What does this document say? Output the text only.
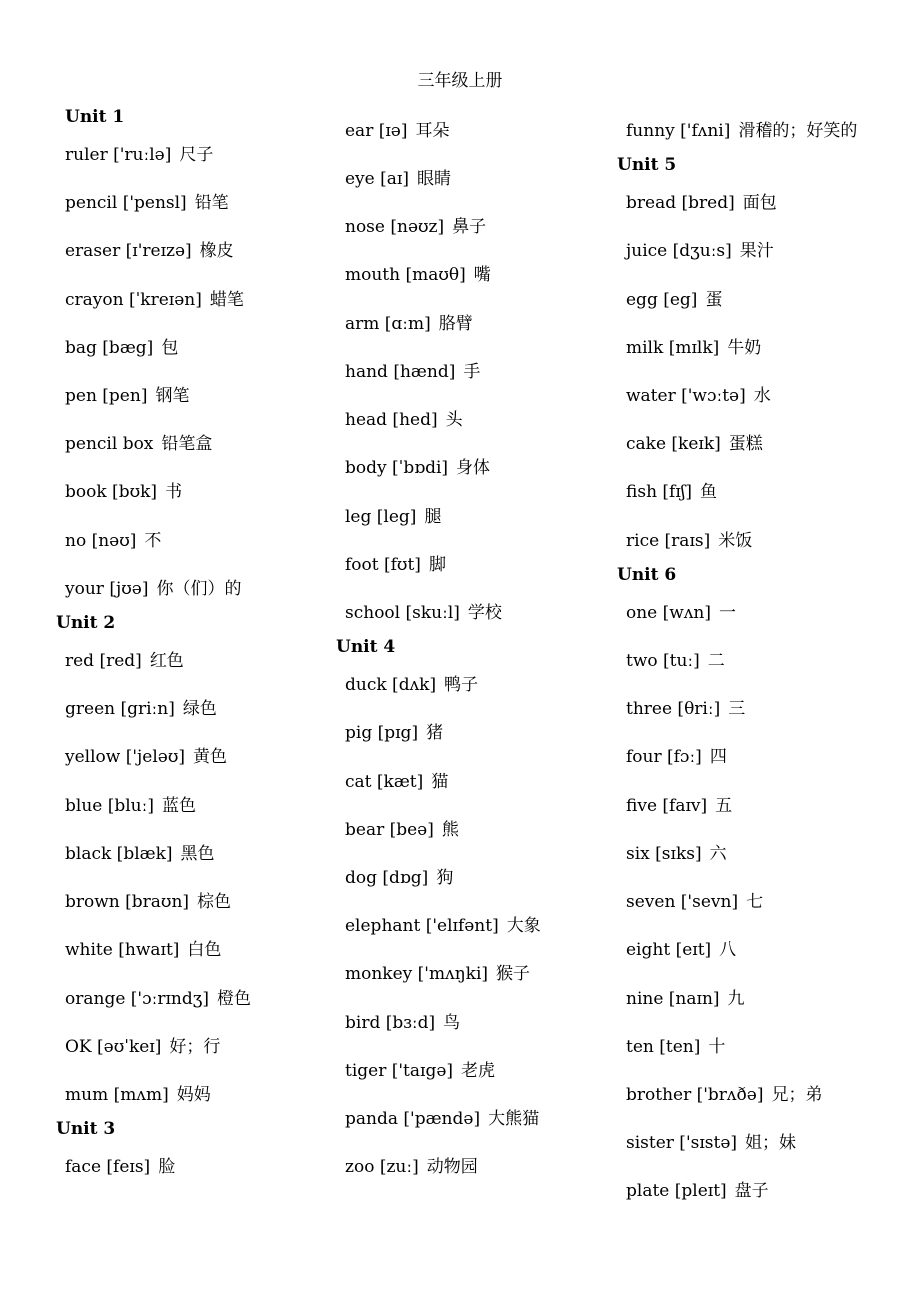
三年级上册
Unit 1
ruler ['ruːlə] 尺子
pencil ['pensl] 铅笔
eraser [ɪ'reɪzə] 橡皮
crayon [ˈkreɪən] 蜡笔
bag [bæg] 包
pen [pen] 钢笔
pencil box 铅笔盒
book [bʊk] 书
no [nəʊ] 不
your [jʊə] 你（们）的
Unit 2
red [red] 红色
green [griːn] 绿色
yellow ['jeləʊ] 黄色
blue [bluː] 蓝色
black [blæk] 黑色
brown [braʊn] 棕色
white [hwaɪt] 白色
orange ['ɔːrɪndʒ] 橙色
OK [əʊˈkeɪ] 好；行
mum [mʌm] 妈妈
Unit 3
face [feɪs] 脸
ear [ɪə] 耳朵
eye [aɪ] 眼睛
nose [nəʊz] 鼻子
mouth [maʊθ] 嘴
arm [ɑːm] 胳臂
hand [hænd] 手
head [hed] 头
body [ˈbɒdi] 身体
leg [leg] 腿
foot [fʊt] 脚
school [skuːl] 学校
Unit 4
duck [dʌk] 鸭子
pig [pɪg] 猪
cat [kæt] 猫
bear [beə] 熊
dog [dɒg] 狗
elephant ['elɪfənt] 大象
monkey ['mʌŋki] 猴子
bird [bɜːd] 鸟
tiger ['taɪgə] 老虎
panda ['pændə] 大熊猫
zoo [zuː] 动物园
funny ['fʌni] 滑稽的；好笑的
Unit 5
bread [bred] 面包
juice [dʒuːs] 果汁
egg [eg] 蛋
milk [mɪlk] 牛奶
water ['wɔːtə] 水
cake [keɪk] 蛋糕
fish [fɪʃ] 鱼
rice [raɪs] 米饭
Unit 6
one [wʌn] 一
two [tuː] 二
three [θriː] 三
four [fɔː] 四
five [faɪv] 五
six [sɪks] 六
seven ['sevn] 七
eight [eɪt] 八
nine [naɪn] 九
ten [ten] 十
brother ['brʌðə] 兄；弟
sister ['sɪstə] 姐；妹
plate [pleɪt] 盘子
